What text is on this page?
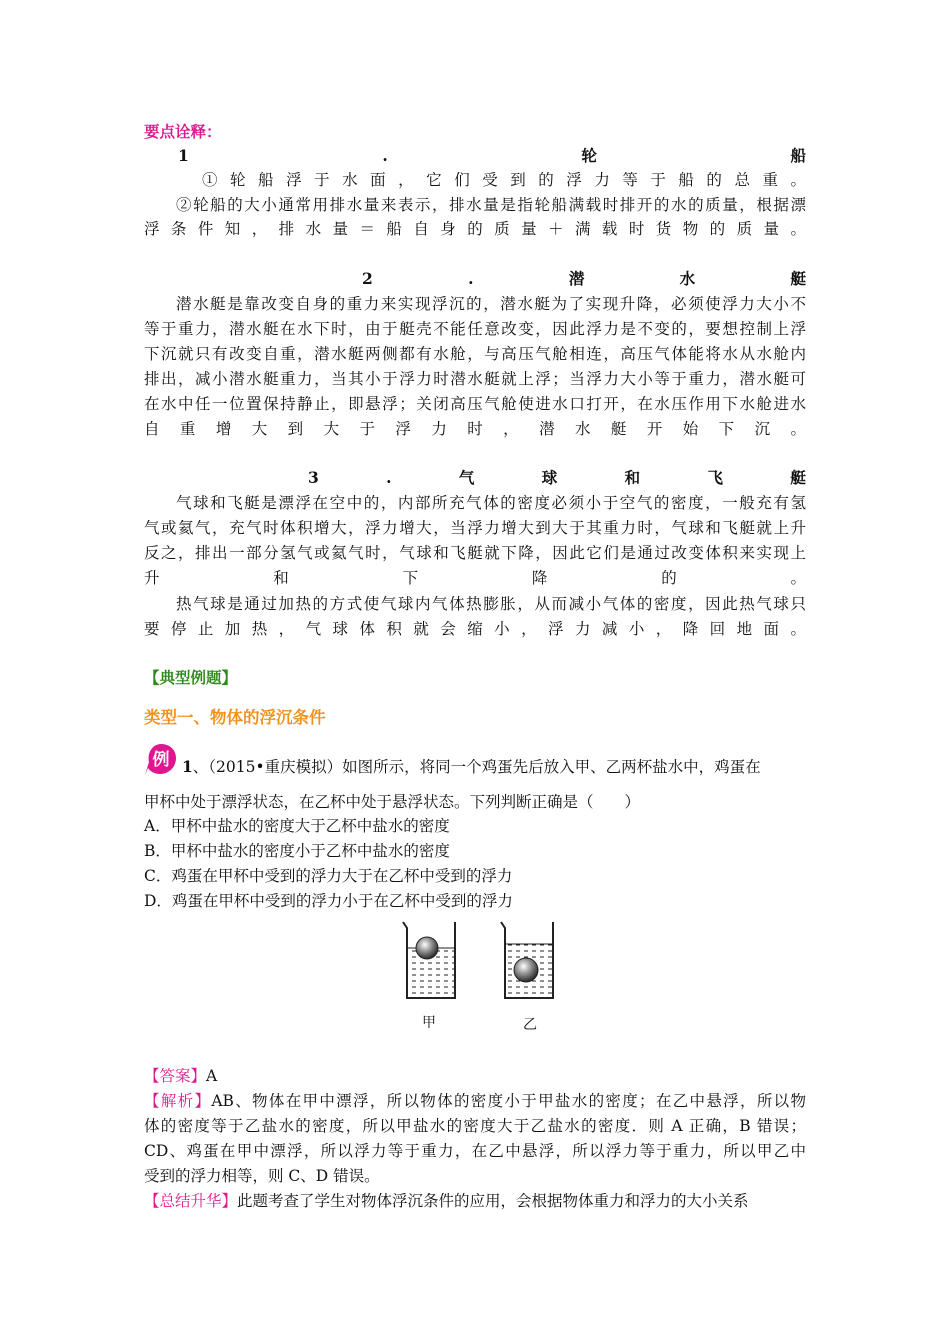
要点诠释：
1	.	轮	船
①轮船浮于水面，它们受到的浮力等于船的总重。
②轮船的大小通常用排水量来表示，排水量是指轮船满载时排开的水的质量，根据漂
浮条件知，排水量＝船自身的质量＋满载时货物的质量。
2	.	潜	水	艇
潜水艇是靠改变自身的重力来实现浮沉的，潜水艇为了实现升降，必须使浮力大小不
等于重力，潜水艇在水下时，由于艇壳不能任意改变，因此浮力是不变的，要想控制上浮
下沉就只有改变自重，潜水艇两侧都有水舱，与高压气舱相连，高压气体能将水从水舱内
排出，减小潜水艇重力，当其小于浮力时潜水艇就上浮；当浮力大小等于重力，潜水艇可
在水中任一位置保持静止，即悬浮；关闭高压气舱使进水口打开，在水压作用下水舱进水
自重增大到大于浮力时，潜水艇开始下沉。
3	.	气	球	和	飞	艇
气球和飞艇是漂浮在空中的，内部所充气体的密度必须小于空气的密度，一般充有氢
气或氦气，充气时体积增大，浮力增大，当浮力增大到大于其重力时，气球和飞艇就上升
反之，排出一部分氢气或氦气时，气球和飞艇就下降，因此它们是通过改变体积来实现上
升	和	下	降	的	。
热气球是通过加热的方式使气球内气体热膨胀，从而减小气体的密度，因此热气球只
要停止加热，气球体积就会缩小，浮力减小，降回地面。
【典型例题】
类型一、物体的浮沉条件
例 1、（2015•重庆模拟）如图所示，将同一个鸡蛋先后放入甲、乙两杯盐水中，鸡蛋在
甲杯中处于漂浮状态，在乙杯中处于悬浮状态。下列判断正确是（　　）
A．甲杯中盐水的密度大于乙杯中盐水的密度
B．甲杯中盐水的密度小于乙杯中盐水的密度
C．鸡蛋在甲杯中受到的浮力大于在乙杯中受到的浮力
D．鸡蛋在甲杯中受到的浮力小于在乙杯中受到的浮力
甲	乙
【答案】A
【解析】AB、物体在甲中漂浮，所以物体的密度小于甲盐水的密度；在乙中悬浮，所以物
体的密度等于乙盐水的密度，所以甲盐水的密度大于乙盐水的密度．则 A 正确，B 错误；
CD、鸡蛋在甲中漂浮，所以浮力等于重力，在乙中悬浮，所以浮力等于重力，所以甲乙中
受到的浮力相等，则 C、D 错误。
【总结升华】此题考查了学生对物体浮沉条件的应用，会根据物体重力和浮力的大小关系
